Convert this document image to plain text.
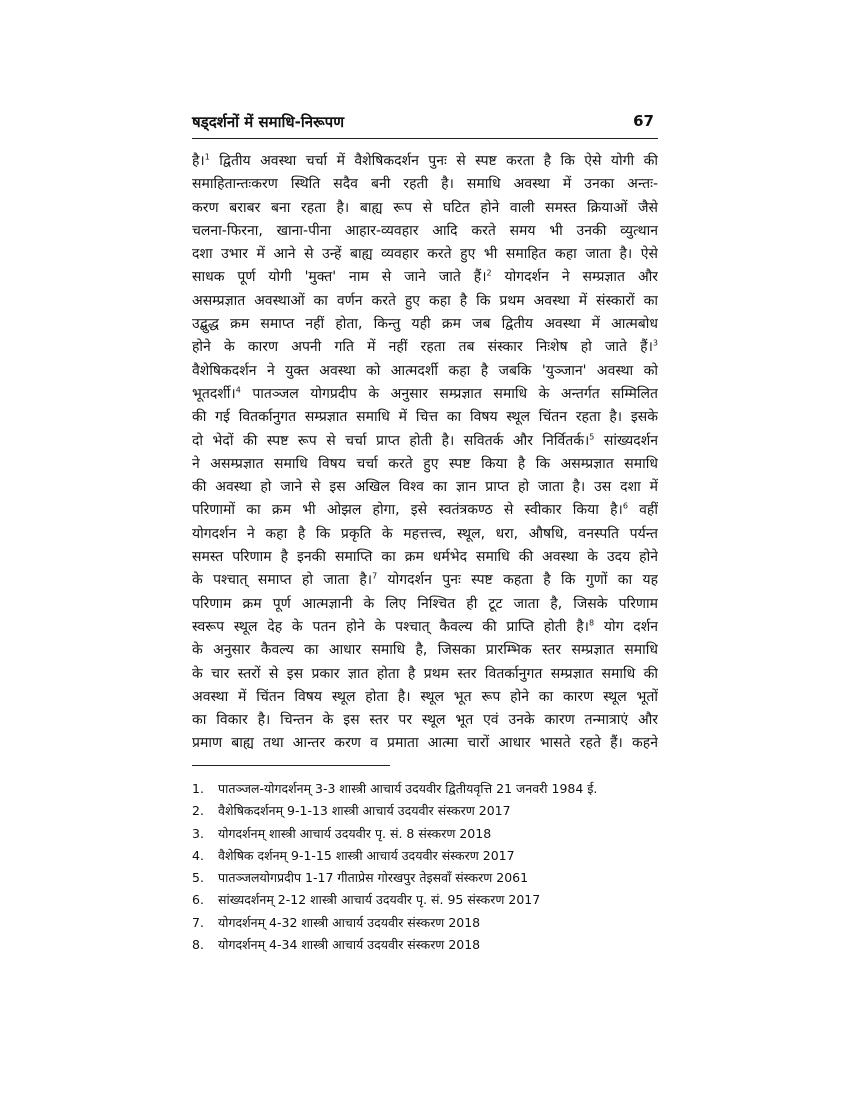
षड्दर्शनों में समाधि-निरूपण	67
है।$^1$ द्वितीय अवस्था चर्चा में वैशेषिकदर्शन पुनः से स्पष्ट करता है कि ऐसे योगी की
समाहितान्तःकरण स्थिति सदैव बनी रहती है। समाधि अवस्था में उनका अन्तः-
करण बराबर बना रहता है। बाह्य रूप से घटित होने वाली समस्त क्रियाओं जैसे
चलना-फिरना, खाना-पीना आहार-व्यवहार आदि करते समय भी उनकी व्युत्थान
दशा उभार में आने से उन्हें बाह्य व्यवहार करते हुए भी समाहित कहा जाता है। ऐसे
साधक पूर्ण योगी 'मुक्त' नाम से जाने जाते हैं।$^2$ योगदर्शन ने सम्प्रज्ञात और
असम्प्रज्ञात अवस्थाओं का वर्णन करते हुए कहा है कि प्रथम अवस्था में संस्कारों का
उद्बुद्ध क्रम समाप्त नहीं होता, किन्तु यही क्रम जब द्वितीय अवस्था में आत्मबोध
होने के कारण अपनी गति में नहीं रहता तब संस्कार निःशेष हो जाते हैं।$^3$
वैशेषिकदर्शन ने युक्त अवस्था को आत्मदर्शी कहा है जबकि 'युञ्जान' अवस्था को
भूतदर्शी।$^4$ पातञ्जल योगप्रदीप के अनुसार सम्प्रज्ञात समाधि के अन्तर्गत सम्मिलित
की गई वितर्कानुगत सम्प्रज्ञात समाधि में चित्त का विषय स्थूल चिंतन रहता है। इसके
दो भेदों की स्पष्ट रूप से चर्चा प्राप्त होती है। सवितर्क और निर्वितर्क।$^5$ सांख्यदर्शन
ने असम्प्रज्ञात समाधि विषय चर्चा करते हुए स्पष्ट किया है कि असम्प्रज्ञात समाधि
की अवस्था हो जाने से इस अखिल विश्व का ज्ञान प्राप्त हो जाता है। उस दशा में
परिणामों का क्रम भी ओझल होगा, इसे स्वतंत्रकण्ठ से स्वीकार किया है।$^6$ वहीं
योगदर्शन ने कहा है कि प्रकृति के महत्तत्त्व, स्थूल, धरा, औषधि, वनस्पति पर्यन्त
समस्त परिणाम है इनकी समाप्ति का क्रम धर्मभेद समाधि की अवस्था के उदय होने
के पश्चात् समाप्त हो जाता है।$^7$ योगदर्शन पुनः स्पष्ट कहता है कि गुणों का यह
परिणाम क्रम पूर्ण आत्मज्ञानी के लिए निश्चित ही टूट जाता है, जिसके परिणाम
स्वरूप स्थूल देह के पतन होने के पश्चात् कैवल्य की प्राप्ति होती है।$^8$ योग दर्शन
के अनुसार कैवल्य का आधार समाधि है, जिसका प्रारम्भिक स्तर सम्प्रज्ञात समाधि
के चार स्तरों से इस प्रकार ज्ञात होता है प्रथम स्तर वितर्कानुगत सम्प्रज्ञात समाधि की
अवस्था में चिंतन विषय स्थूल होता है। स्थूल भूत रूप होने का कारण स्थूल भूतों
का विकार है। चिन्तन के इस स्तर पर स्थूल भूत एवं उनके कारण तन्मात्राएं और
प्रमाण बाह्य तथा आन्तर करण व प्रमाता आत्मा चारों आधार भासते रहते हैं। कहने
1. पातञ्जल-योगदर्शनम् 3-3 शास्त्री आचार्य उदयवीर द्वितीयवृत्ति 21 जनवरी 1984 ई.
2. वैशेषिकदर्शनम् 9-1-13 शास्त्री आचार्य उदयवीर संस्करण 2017
3. योगदर्शनम् शास्त्री आचार्य उदयवीर पृ. सं. 8 संस्करण 2018
4. वैशेषिक दर्शनम् 9-1-15 शास्त्री आचार्य उदयवीर संस्करण 2017
5. पातञ्जलयोगप्रदीप 1-17 गीताप्रेस गोरखपुर तेइसवाँ संस्करण 2061
6. सांख्यदर्शनम् 2-12 शास्त्री आचार्य उदयवीर पृ. सं. 95 संस्करण 2017
7. योगदर्शनम् 4-32 शास्त्री आचार्य उदयवीर संस्करण 2018
8. योगदर्शनम् 4-34 शास्त्री आचार्य उदयवीर संस्करण 2018
